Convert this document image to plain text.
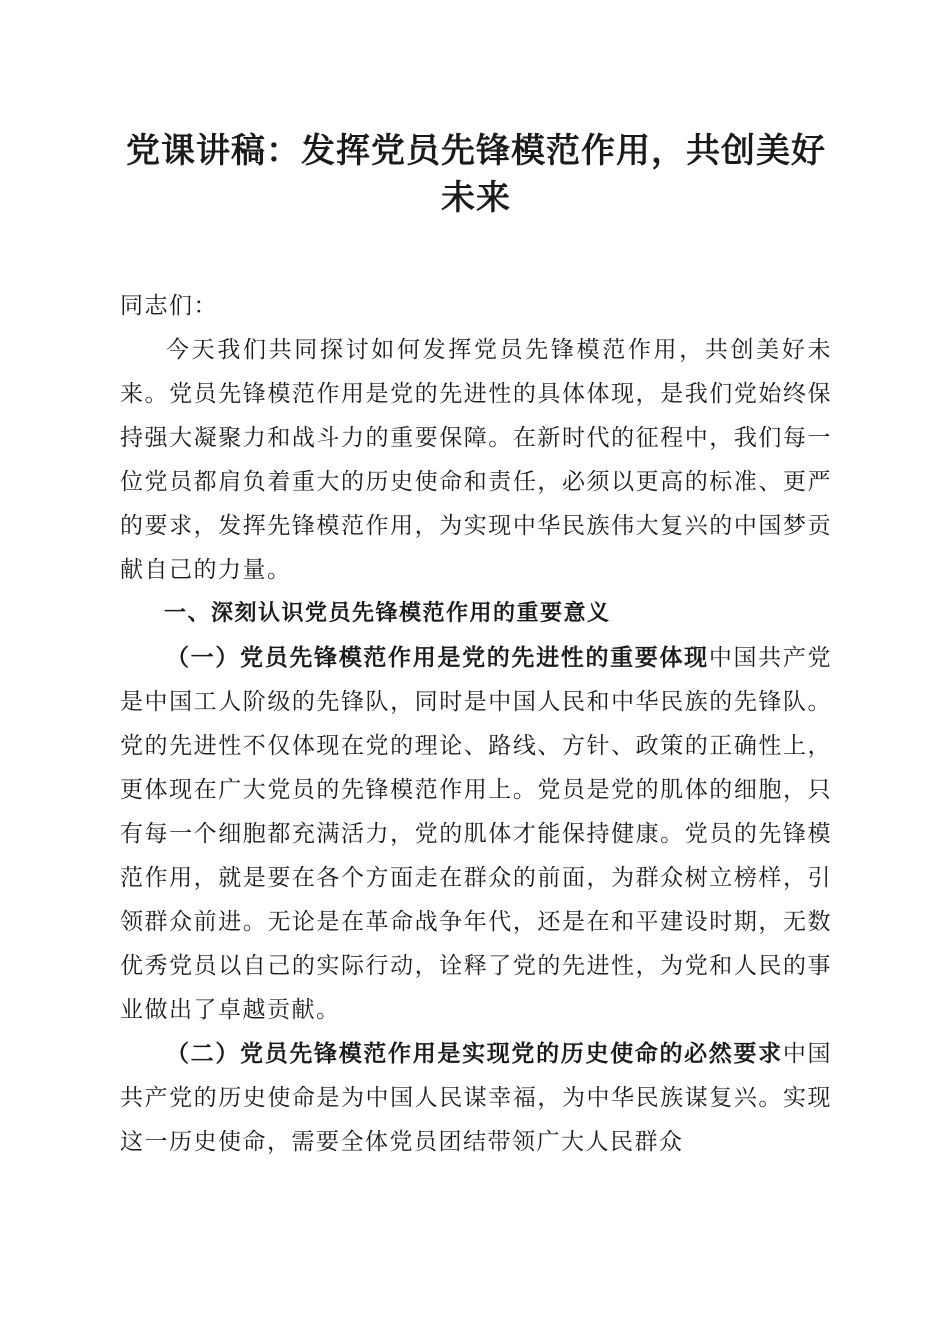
党课讲稿：发挥党员先锋模范作用，共创美好未来

同志们：

今天我们共同探讨如何发挥党员先锋模范作用，共创美好未来。党员先锋模范作用是党的先进性的具体体现，是我们党始终保持强大凝聚力和战斗力的重要保障。在新时代的征程中，我们每一位党员都肩负着重大的历史使命和责任，必须以更高的标准、更严的要求，发挥先锋模范作用，为实现中华民族伟大复兴的中国梦贡献自己的力量。

一、深刻认识党员先锋模范作用的重要意义

（一）党员先锋模范作用是党的先进性的重要体现中国共产党是中国工人阶级的先锋队，同时是中国人民和中华民族的先锋队。党的先进性不仅体现在党的理论、路线、方针、政策的正确性上，更体现在广大党员的先锋模范作用上。党员是党的肌体的细胞，只有每一个细胞都充满活力，党的肌体才能保持健康。党员的先锋模范作用，就是要在各个方面走在群众的前面，为群众树立榜样，引领群众前进。无论是在革命战争年代，还是在和平建设时期，无数优秀党员以自己的实际行动，诠释了党的先进性，为党和人民的事业做出了卓越贡献。

（二）党员先锋模范作用是实现党的历史使命的必然要求中国共产党的历史使命是为中国人民谋幸福，为中华民族谋复兴。实现这一历史使命，需要全体党员团结带领广大人民群众
